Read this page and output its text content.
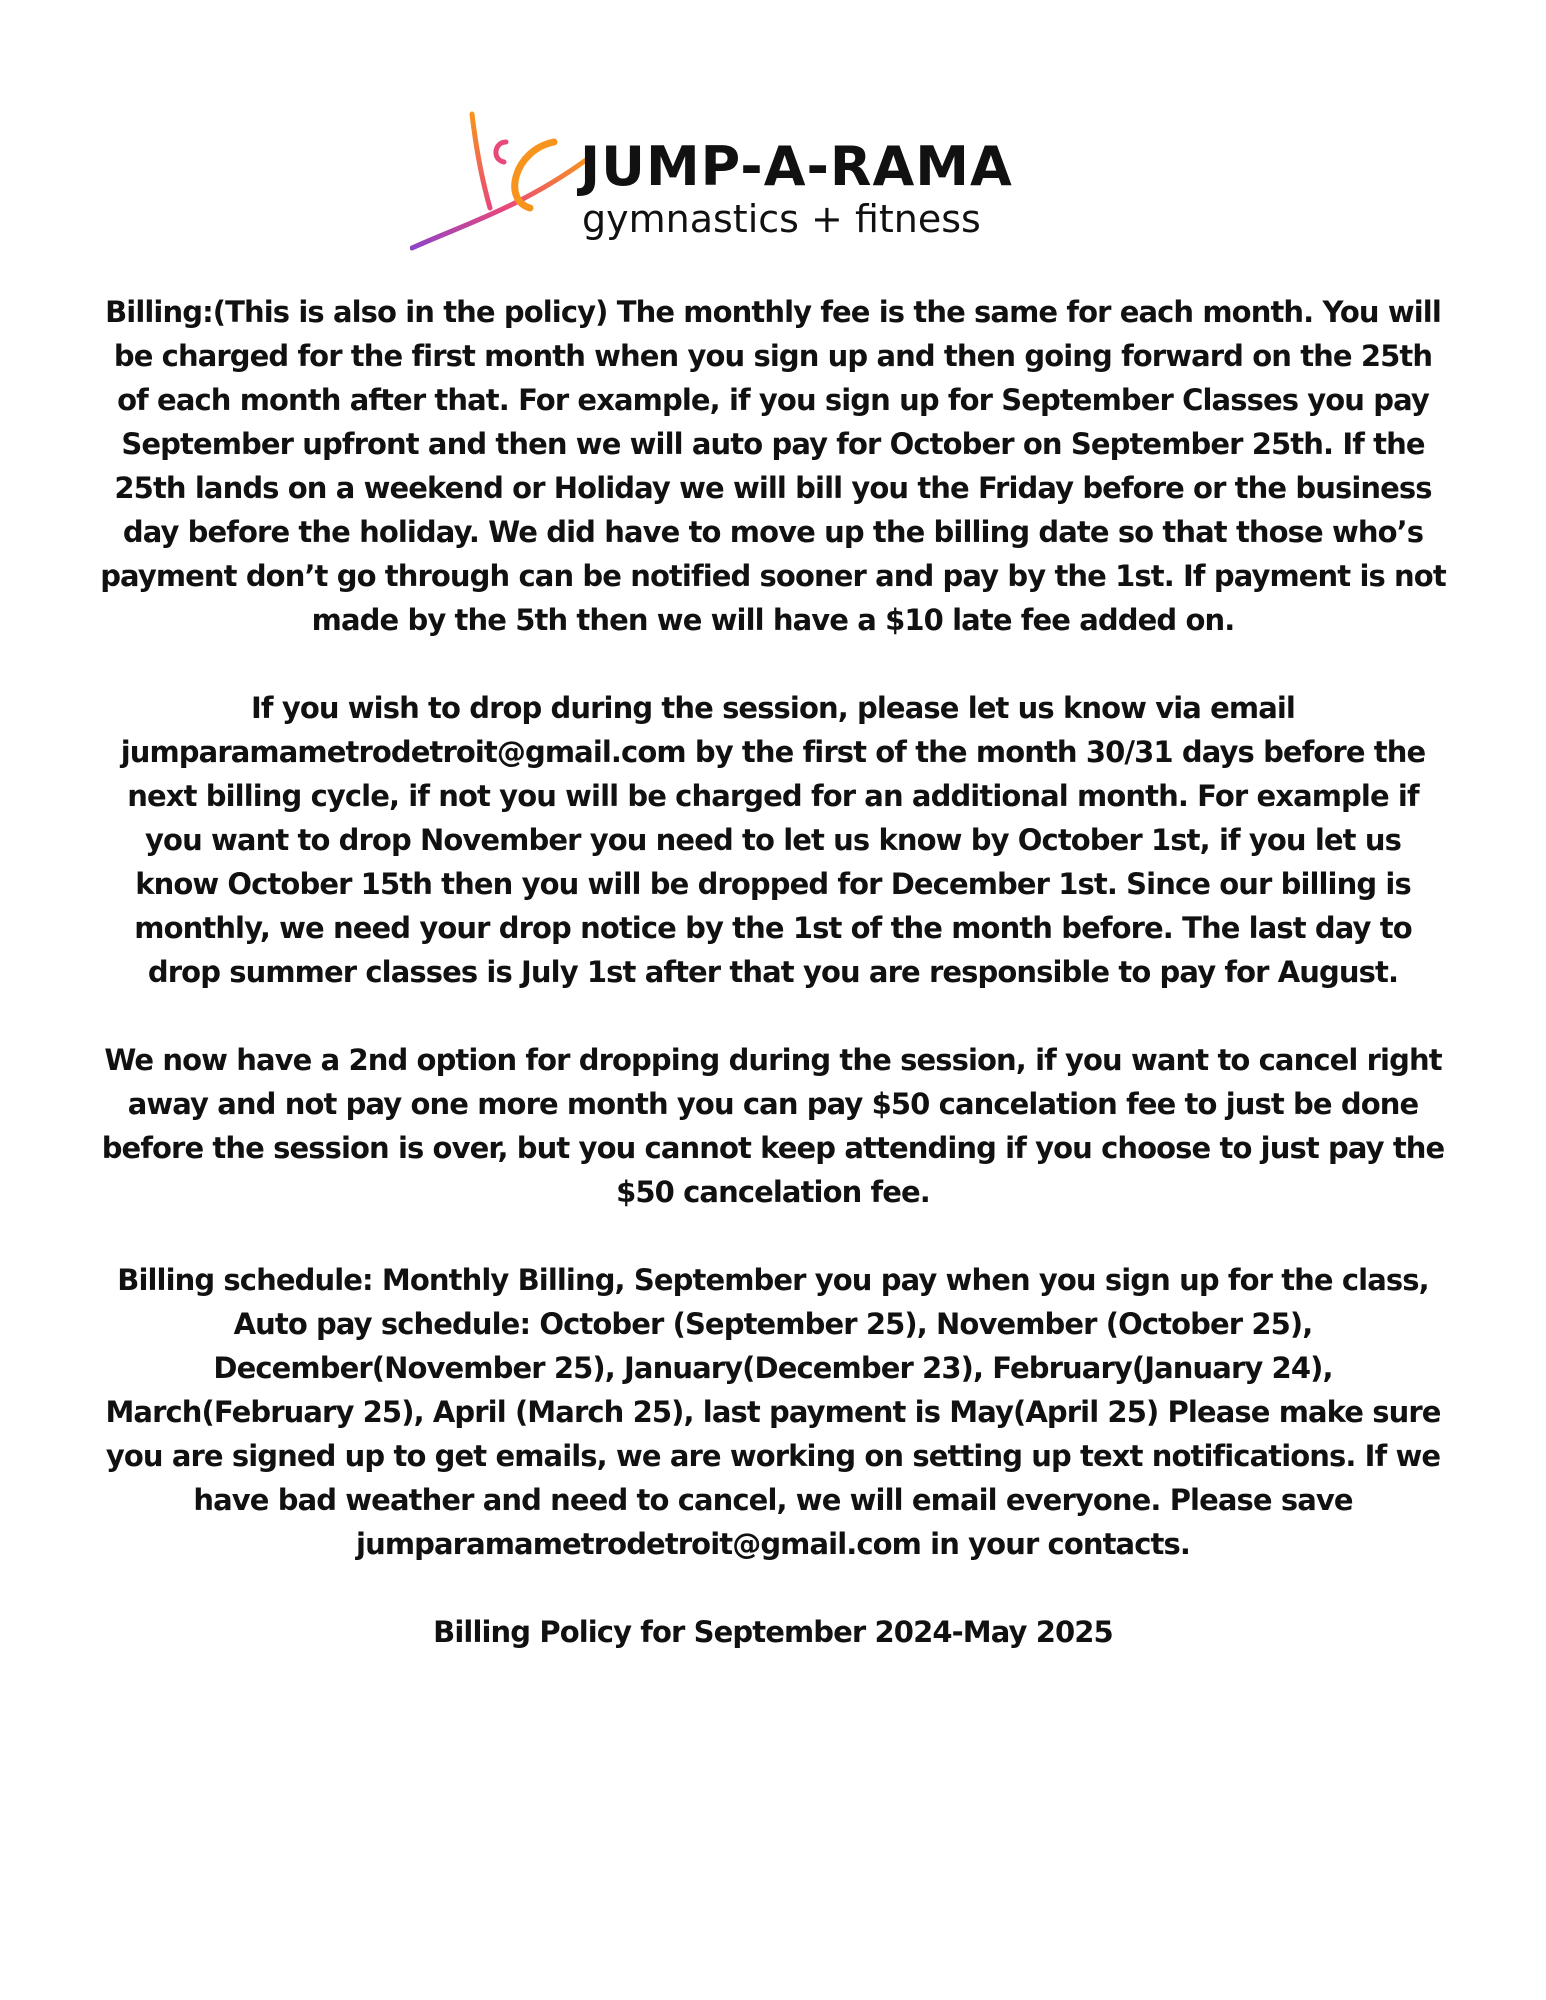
JUMP-A-RAMA
gymnastics + fitness

Billing:(This is also in the policy) The monthly fee is the same for each month. You will be charged for the first month when you sign up and then going forward on the 25th of each month after that. For example, if you sign up for September Classes you pay September upfront and then we will auto pay for October on September 25th. If the 25th lands on a weekend or Holiday we will bill you the Friday before or the business day before the holiday. We did have to move up the billing date so that those who’s payment don’t go through can be notified sooner and pay by the 1st. If payment is not made by the 5th then we will have a $10 late fee added on.

If you wish to drop during the session, please let us know via email jumparamametrodetroit@gmail.com by the first of the month 30/31 days before the next billing cycle, if not you will be charged for an additional month. For example if you want to drop November you need to let us know by October 1st, if you let us know October 15th then you will be dropped for December 1st. Since our billing is monthly, we need your drop notice by the 1st of the month before. The last day to drop summer classes is July 1st after that you are responsible to pay for August.

We now have a 2nd option for dropping during the session, if you want to cancel right away and not pay one more month you can pay $50 cancelation fee to just be done before the session is over, but you cannot keep attending if you choose to just pay the $50 cancelation fee.

Billing schedule: Monthly Billing, September you pay when you sign up for the class, Auto pay schedule: October (September 25), November (October 25), December(November 25), January(December 23), February(January 24), March(February 25), April (March 25), last payment is May(April 25) Please make sure you are signed up to get emails, we are working on setting up text notifications. If we have bad weather and need to cancel, we will email everyone. Please save jumparamametrodetroit@gmail.com in your contacts.

Billing Policy for September 2024-May 2025
